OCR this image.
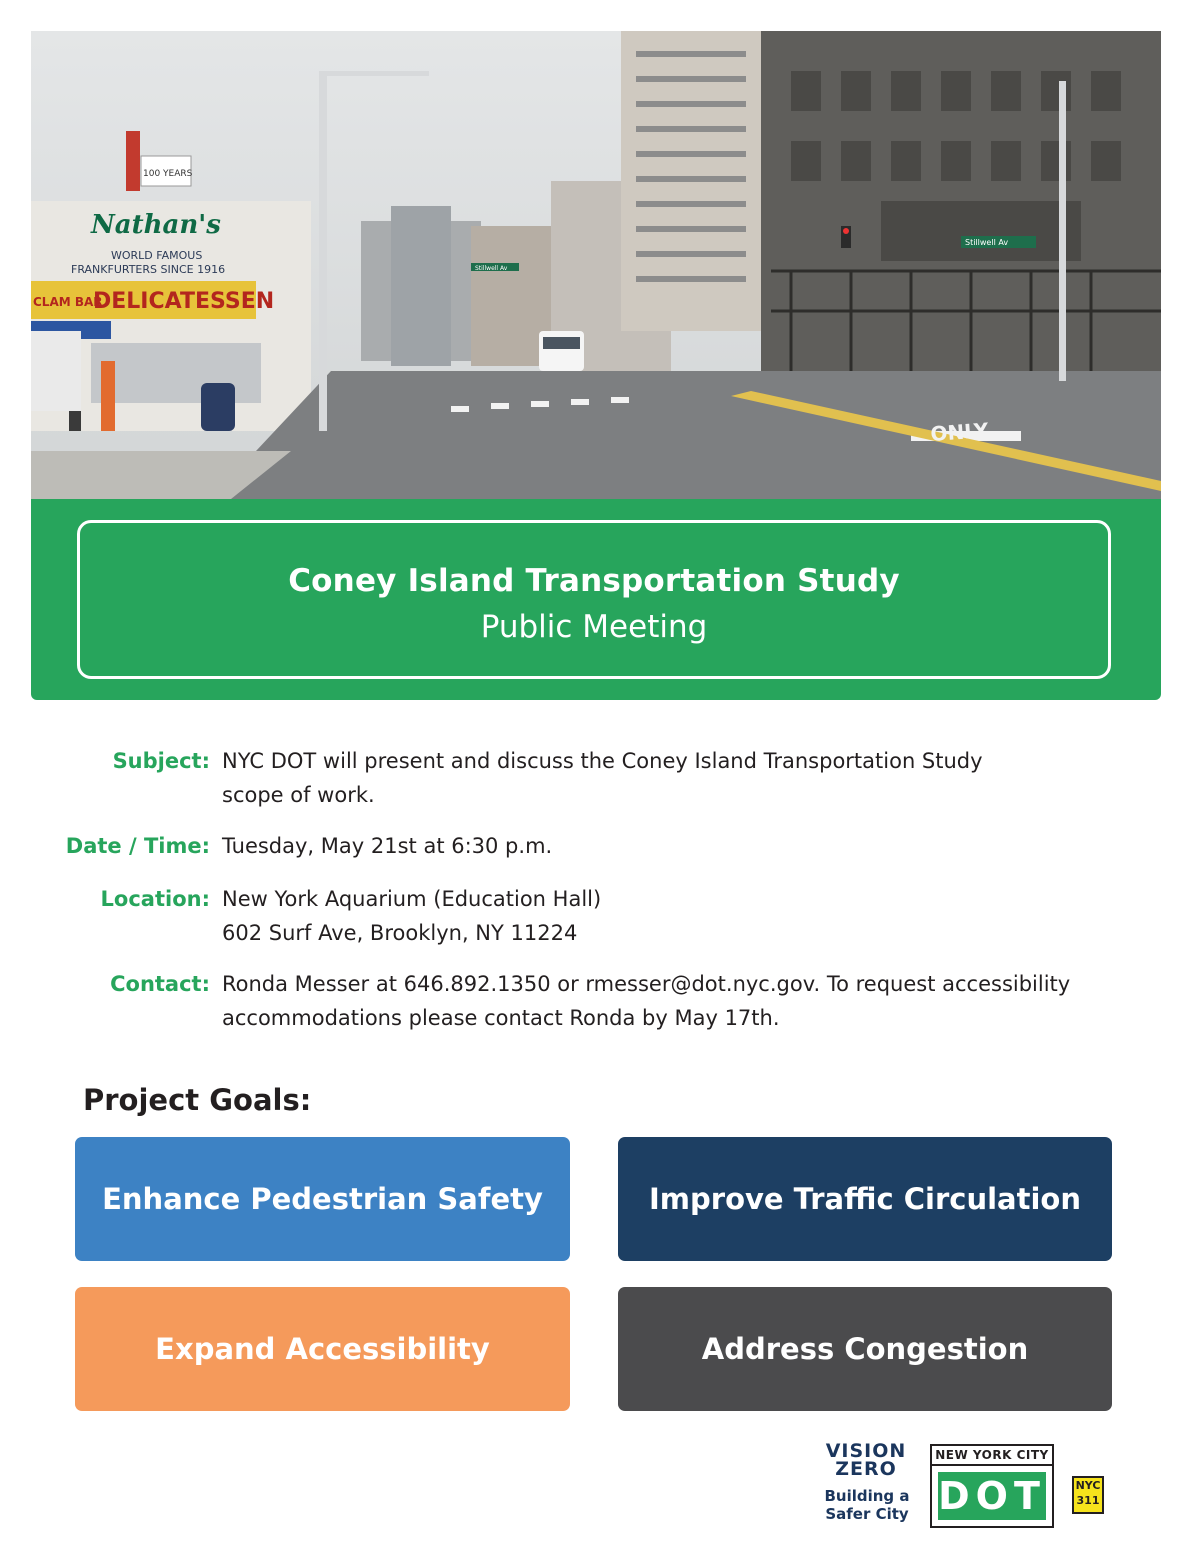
Stillwell Av
Nathan's
WORLD FAMOUS
FRANKFURTERS SINCE 1916
DELICATESSEN
CLAM BAR
100 YEARS
Stillwell Av
ONLY
Coney Island Transportation Study
Public Meeting
Subject: NYC DOT will present and discuss the Coney Island Transportation Study
scope of work.
Date / Time: Tuesday, May 21st at 6:30 p.m.
Location: New York Aquarium (Education Hall)
602 Surf Ave, Brooklyn, NY 11224
Contact: Ronda Messer at 646.892.1350 or rmesser@dot.nyc.gov. To request accessibility
accommodations please contact Ronda by May 17th.
Project Goals:
Enhance Pedestrian Safety	Improve Traffic Circulation
Expand Accessibility	Address Congestion
VISION
ZERO
Building a
Safer City
NEW YORK CITY
DOT	NYC
311
